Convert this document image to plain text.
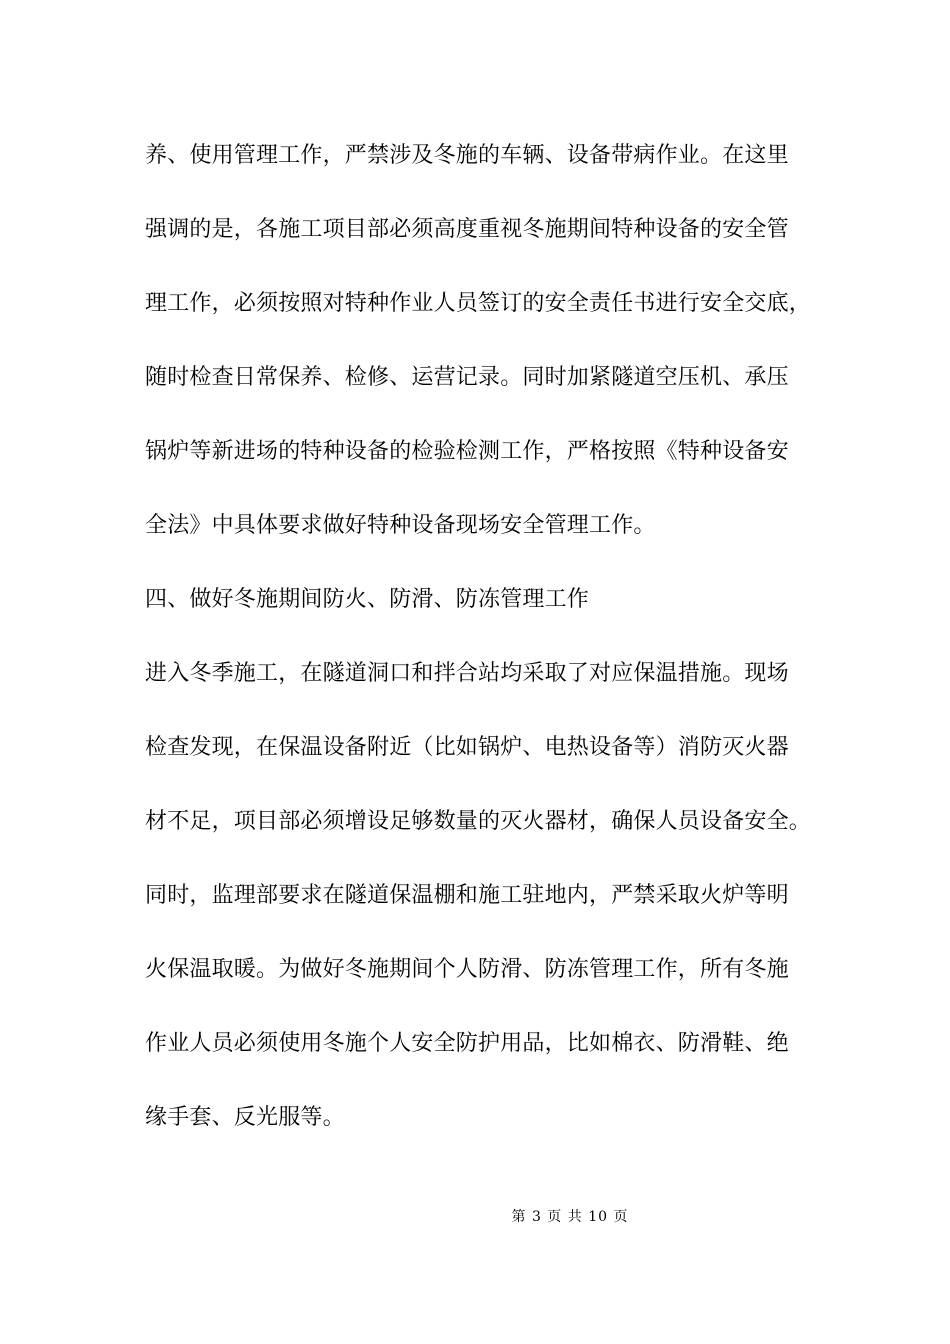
养、使用管理工作，严禁涉及冬施的车辆、设备带病作业。在这里
强调的是，各施工项目部必须高度重视冬施期间特种设备的安全管
理工作，必须按照对特种作业人员签订的安全责任书进行安全交底，
随时检查日常保养、检修、运营记录。同时加紧隧道空压机、承压
锅炉等新进场的特种设备的检验检测工作，严格按照《特种设备安
全法》中具体要求做好特种设备现场安全管理工作。
四、做好冬施期间防火、防滑、防冻管理工作
进入冬季施工，在隧道洞口和拌合站均采取了对应保温措施。现场
检查发现，在保温设备附近（比如锅炉、电热设备等）消防灭火器
材不足，项目部必须增设足够数量的灭火器材，确保人员设备安全。
同时，监理部要求在隧道保温棚和施工驻地内，严禁采取火炉等明
火保温取暖。为做好冬施期间个人防滑、防冻管理工作，所有冬施
作业人员必须使用冬施个人安全防护用品，比如棉衣、防滑鞋、绝
缘手套、反光服等。
第 3 页 共 10 页
